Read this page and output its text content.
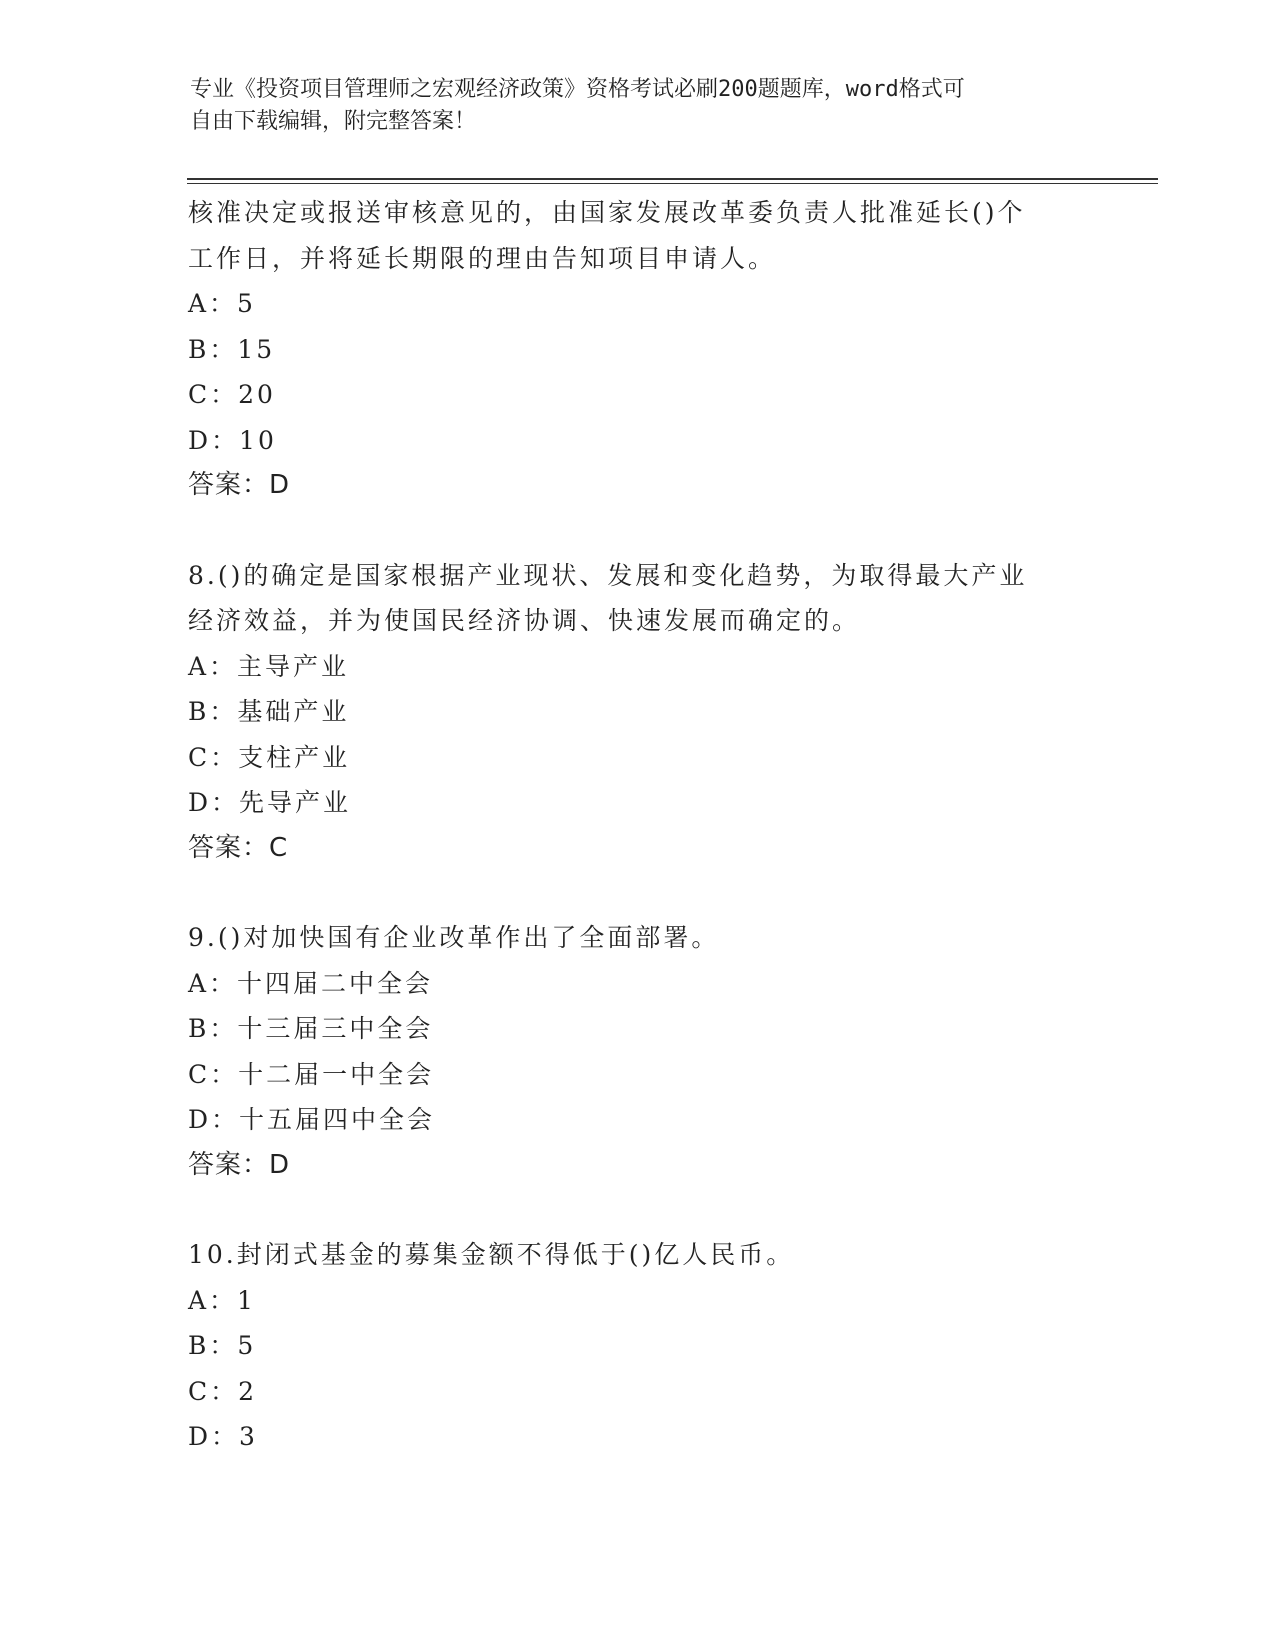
专业《投资项目管理师之宏观经济政策》资格考试必刷200题题库，word格式可
自由下载编辑，附完整答案！
核准决定或报送审核意见的，由国家发展改革委负责人批准延长()个
工作日，并将延长期限的理由告知项目申请人。
A：5
B：15
C：20
D：10
答案：D
8.()的确定是国家根据产业现状、发展和变化趋势，为取得最大产业
经济效益，并为使国民经济协调、快速发展而确定的。
A：主导产业
B：基础产业
C：支柱产业
D：先导产业
答案：C
9.()对加快国有企业改革作出了全面部署。
A：十四届二中全会
B：十三届三中全会
C：十二届一中全会
D：十五届四中全会
答案：D
10.封闭式基金的募集金额不得低于()亿人民币。
A：1
B：5
C：2
D：3
